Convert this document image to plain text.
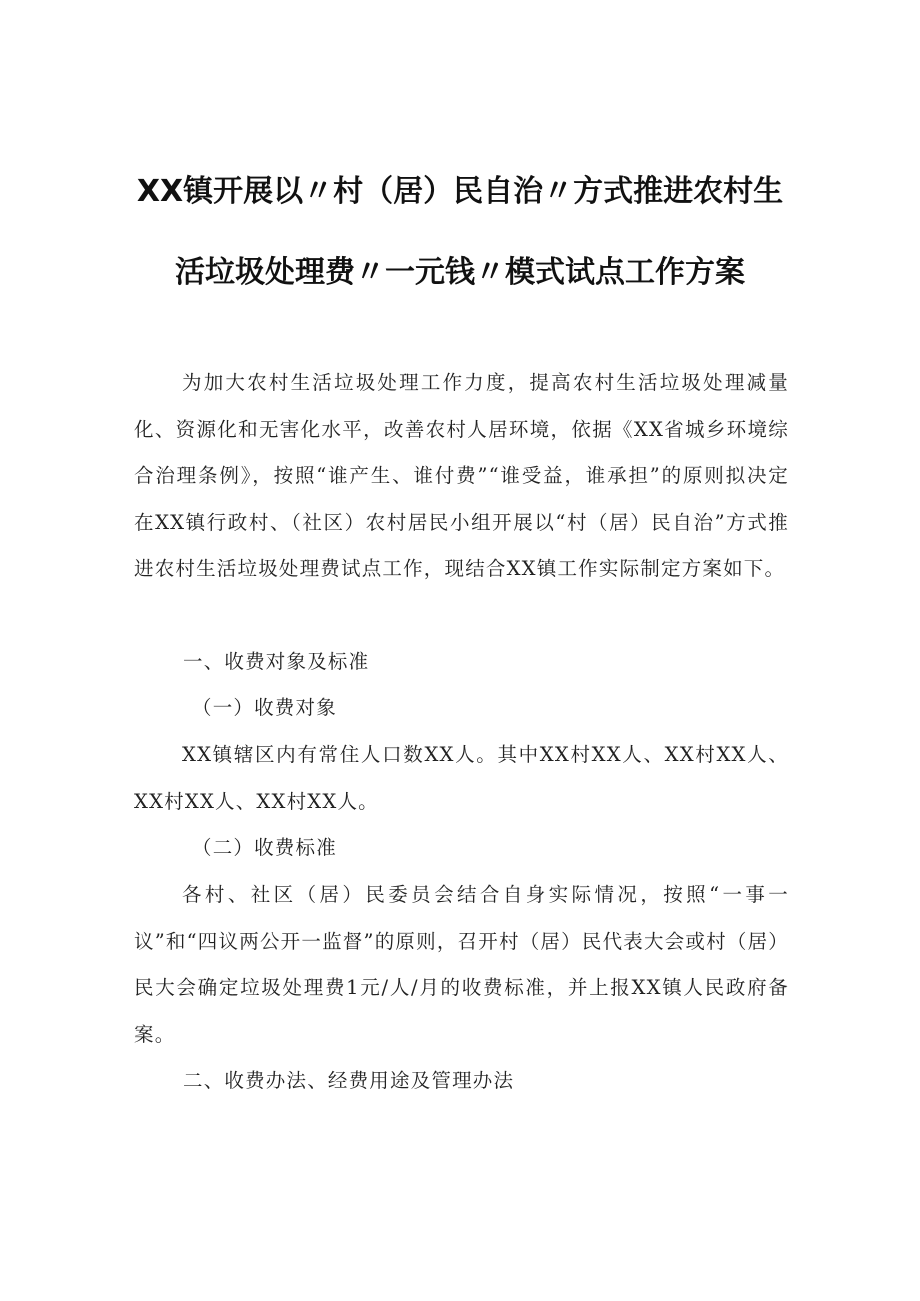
XX镇开展以〃村（居）民自治〃方式推进农村生
活垃圾处理费〃一元钱〃模式试点工作方案

为加大农村生活垃圾处理工作力度，提高农村生活垃圾处理减量化、资源化和无害化水平，改善农村人居环境，依据《XX省城乡环境综合治理条例》，按照“谁产生、谁付费”“谁受益，谁承担”的原则拟决定在XX镇行政村、（社区）农村居民小组开展以“村（居）民自治”方式推进农村生活垃圾处理费试点工作，现结合XX镇工作实际制定方案如下。

一、收费对象及标准

（一）收费对象

XX镇辖区内有常住人口数XX人。其中XX村XX人、XX村XX人、XX村XX人、XX村XX人。

（二）收费标准

各村、社区（居）民委员会结合自身实际情况，按照“一事一议”和“四议两公开一监督”的原则，召开村（居）民代表大会或村（居）民大会确定垃圾处理费1元/人/月的收费标准，并上报XX镇人民政府备案。

二、收费办法、经费用途及管理办法
